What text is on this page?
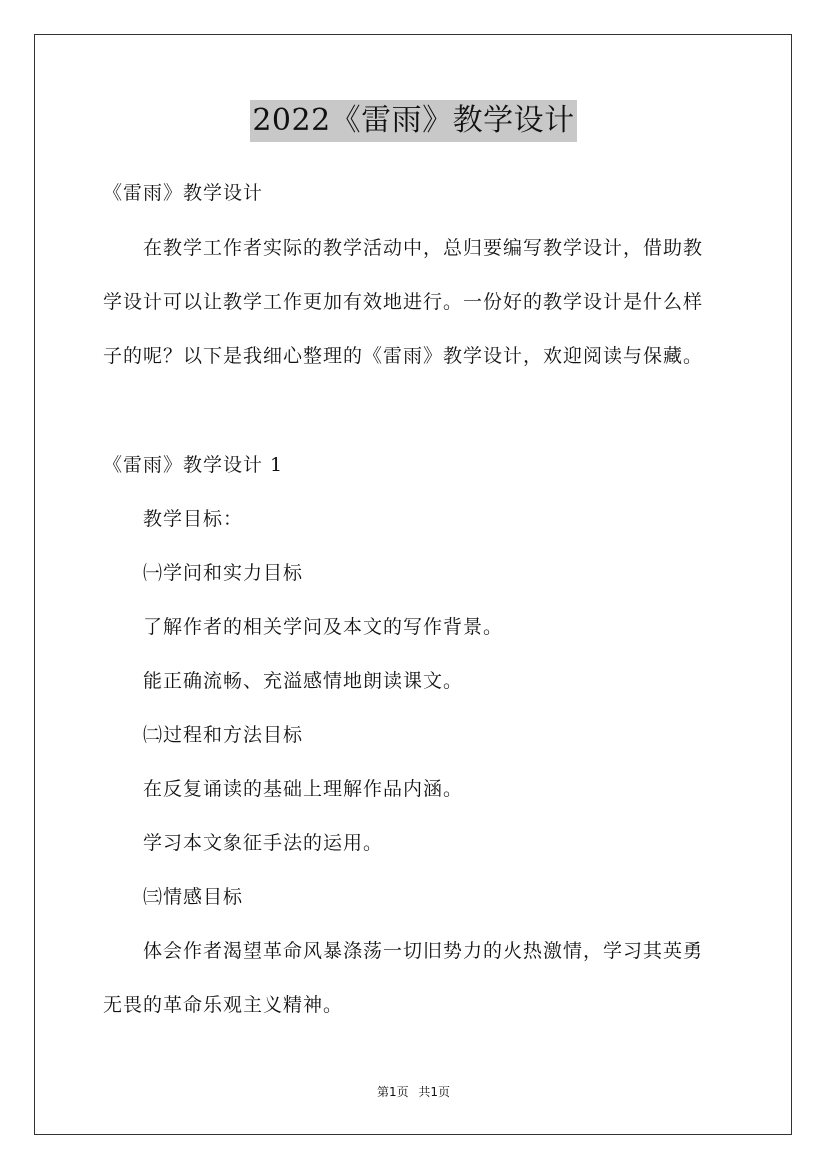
2022《雷雨》教学设计
《雷雨》教学设计
在教学工作者实际的教学活动中，总归要编写教学设计，借助教
学设计可以让教学工作更加有效地进行。一份好的教学设计是什么样
子的呢？以下是我细心整理的《雷雨》教学设计，欢迎阅读与保藏。
《雷雨》教学设计 1
教学目标：
㈠学问和实力目标
了解作者的相关学问及本文的写作背景。
能正确流畅、充溢感情地朗读课文。
㈡过程和方法目标
在反复诵读的基础上理解作品内涵。
学习本文象征手法的运用。
㈢情感目标
体会作者渴望革命风暴涤荡一切旧势力的火热激情，学习其英勇
无畏的革命乐观主义精神。
第1页 共1页
